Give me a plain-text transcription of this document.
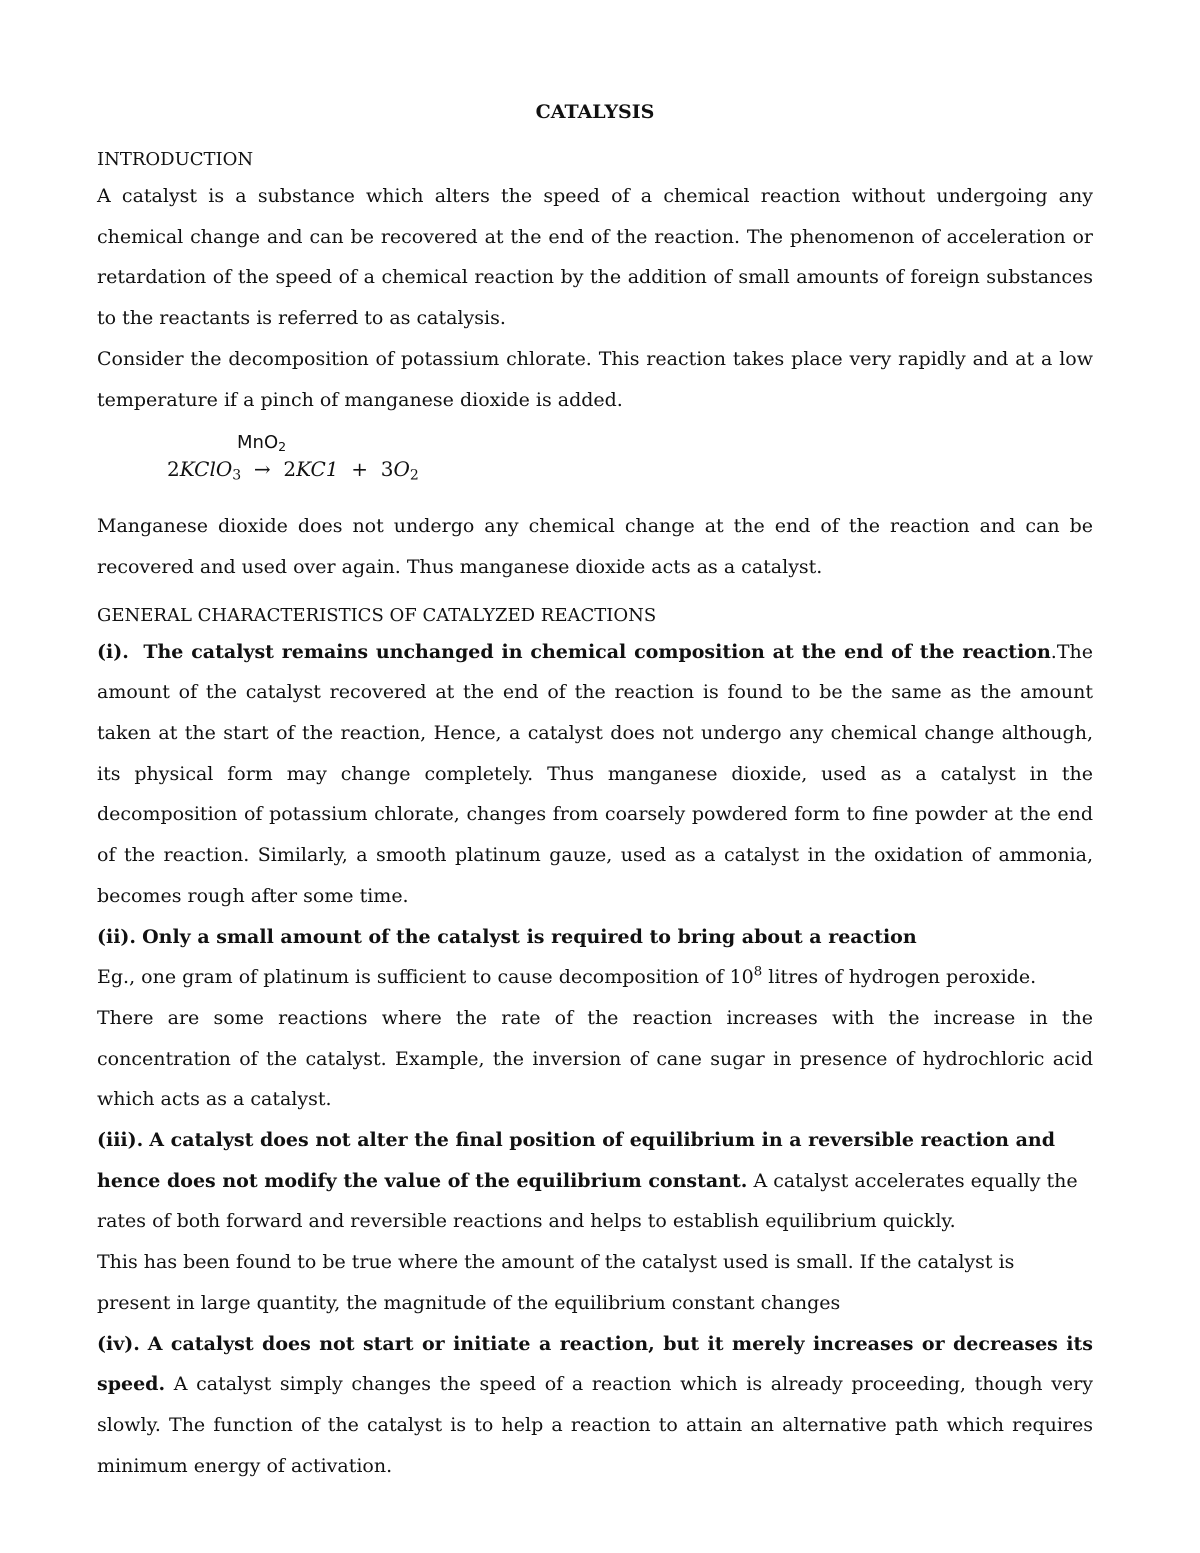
CATALYSIS
INTRODUCTION

A catalyst is a substance which alters the speed of a chemical reaction without undergoing any chemical change and can be recovered at the end of the reaction. The phenomenon of acceleration or retardation of the speed of a chemical reaction by the addition of small amounts of foreign substances to the reactants is referred to as catalysis.

Consider the decomposition of potassium chlorate. This reaction takes place very rapidly and at a low temperature if a pinch of manganese dioxide is added.

MnO$_2$
2KClO$_3$ → $2KC1 + 3O_2$

Manganese dioxide does not undergo any chemical change at the end of the reaction and can be recovered and used over again. Thus manganese dioxide acts as a catalyst.

GENERAL CHARACTERISTICS OF CATALYZED REACTIONS

(i). The catalyst remains unchanged in chemical composition at the end of the reaction.The amount of the catalyst recovered at the end of the reaction is found to be the same as the amount taken at the start of the reaction, Hence, a catalyst does not undergo any chemical change although, its physical form may change completely. Thus manganese dioxide, used as a catalyst in the decomposition of potassium chlorate, changes from coarsely powdered form to fine powder at the end of the reaction. Similarly, a smooth platinum gauze, used as a catalyst in the oxidation of ammonia, becomes rough after some time.

(ii). Only a small amount of the catalyst is required to bring about a reaction

Eg., one gram of platinum is sufficient to cause decomposition of $10^8$ litres of hydrogen peroxide.

There are some reactions where the rate of the reaction increases with the increase in the concentration of the catalyst. Example, the inversion of cane sugar in presence of hydrochloric acid which acts as a catalyst.

(iii). A catalyst does not alter the final position of equilibrium in a reversible reaction and hence does not modify the value of the equilibrium constant. A catalyst accelerates equally the rates of both forward and reversible reactions and helps to establish equilibrium quickly.

This has been found to be true where the amount of the catalyst used is small. If the catalyst is present in large quantity, the magnitude of the equilibrium constant changes

(iv). A catalyst does not start or initiate a reaction, but it merely increases or decreases its speed. A catalyst simply changes the speed of a reaction which is already proceeding, though very slowly. The function of the catalyst is to help a reaction to attain an alternative path which requires minimum energy of activation.
